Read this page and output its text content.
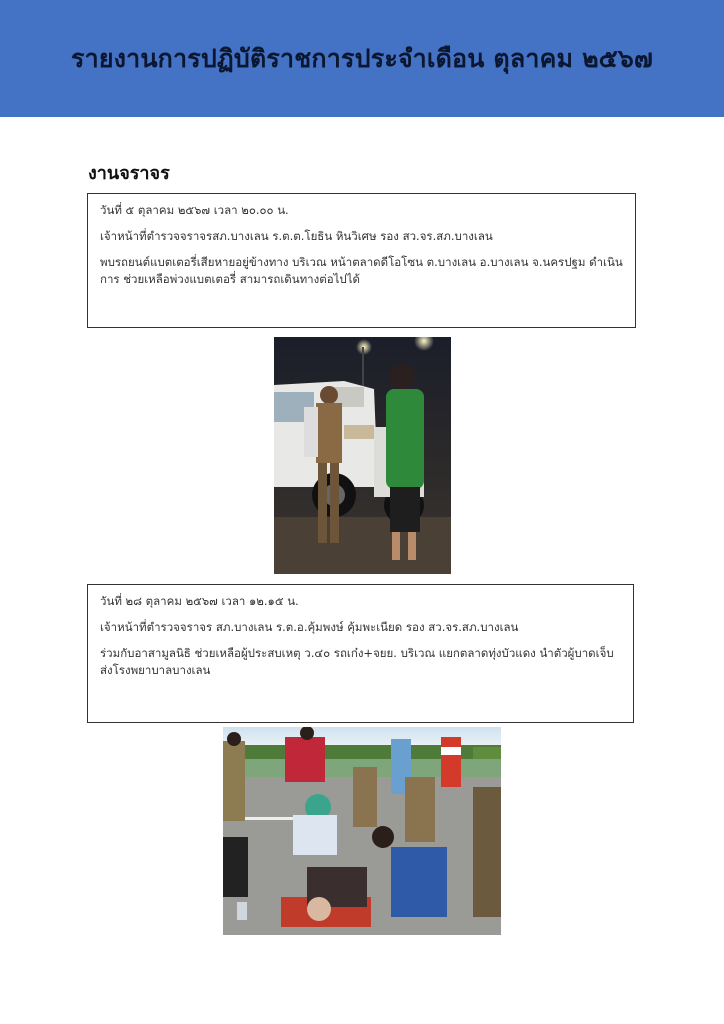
รายงานการปฏิบัติราชการประจำเดือน ตุลาคม ๒๕๖๗
งานจราจร

วันที่ ๕ ตุลาคม ๒๕๖๗ เวลา ๒๐.๐๐ น.

เจ้าหน้าที่ตำรวจจราจรสภ.บางเลน ร.ต.ต.โยธิน หินวิเศษ รอง สว.จร.สภ.บางเลน

พบรถยนต์แบตเตอรี่เสียหายอยู่ข้างทาง บริเวณ หน้าตลาดดีโอโซน ต.บางเลน อ.บางเลน จ.นครปฐม ดำเนินการ ช่วยเหลือพ่วงแบตเตอรี่ สามารถเดินทางต่อไปได้

วันที่ ๒๘ ตุลาคม ๒๕๖๗ เวลา ๑๒.๑๕ น.

เจ้าหน้าที่ตำรวจจราจร สภ.บางเลน ร.ต.อ.คุ้มพงษ์ คุ้มพะเนียด รอง สว.จร.สภ.บางเลน

ร่วมกับอาสามูลนิธิ ช่วยเหลือผู้ประสบเหตุ ว.๔๐ รถเก๋ง+จยย. บริเวณ แยกตลาดทุ่งบัวแดง นำตัวผู้บาดเจ็บส่งโรงพยาบาลบางเลน
